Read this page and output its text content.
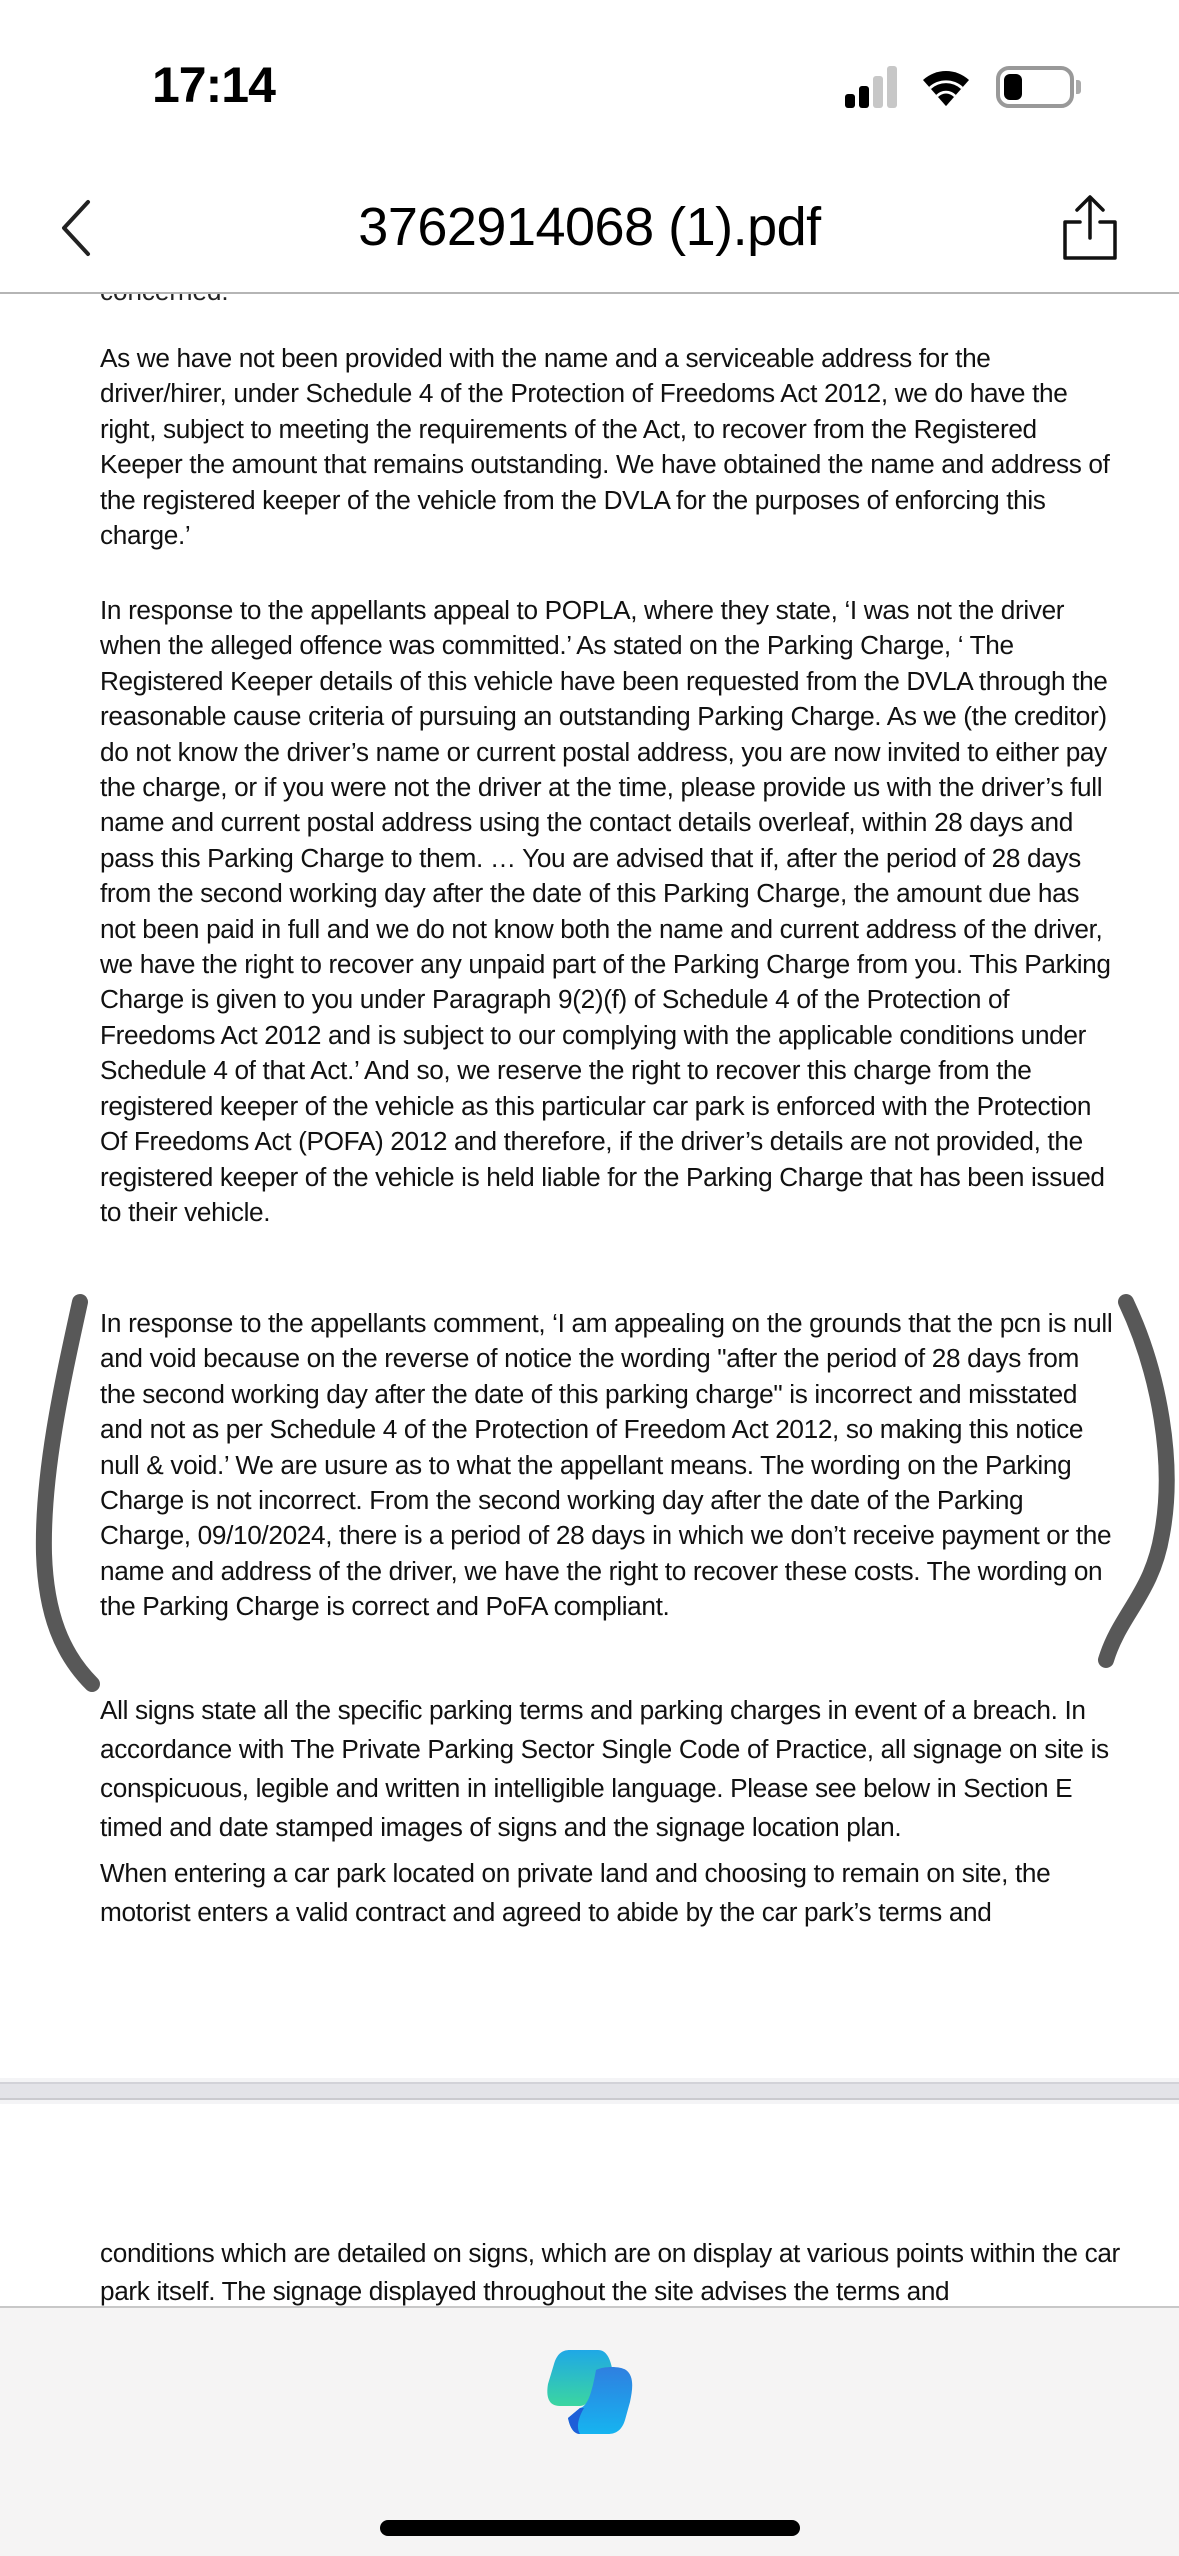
17:14
3762914068 (1).pdf

As we have not been provided with the name and a serviceable address for the driver/hirer, under Schedule 4 of the Protection of Freedoms Act 2012, we do have the right, subject to meeting the requirements of the Act, to recover from the Registered Keeper the amount that remains outstanding. We have obtained the name and address of the registered keeper of the vehicle from the DVLA for the purposes of enforcing this charge.’

In response to the appellants appeal to POPLA, where they state, ‘I was not the driver when the alleged offence was committed.’ As stated on the Parking Charge, ‘ The Registered Keeper details of this vehicle have been requested from the DVLA through the reasonable cause criteria of pursuing an outstanding Parking Charge. As we (the creditor) do not know the driver’s name or current postal address, you are now invited to either pay the charge, or if you were not the driver at the time, please provide us with the driver’s full name and current postal address using the contact details overleaf, within 28 days and pass this Parking Charge to them. … You are advised that if, after the period of 28 days from the second working day after the date of this Parking Charge, the amount due has not been paid in full and we do not know both the name and current address of the driver, we have the right to recover any unpaid part of the Parking Charge from you. This Parking Charge is given to you under Paragraph 9(2)(f) of Schedule 4 of the Protection of Freedoms Act 2012 and is subject to our complying with the applicable conditions under Schedule 4 of that Act.’ And so, we reserve the right to recover this charge from the registered keeper of the vehicle as this particular car park is enforced with the Protection Of Freedoms Act (POFA) 2012 and therefore, if the driver’s details are not provided, the registered keeper of the vehicle is held liable for the Parking Charge that has been issued to their vehicle.

In response to the appellants comment, ‘I am appealing on the grounds that the pcn is null and void because on the reverse of notice the wording "after the period of 28 days from the second working day after the date of this parking charge" is incorrect and misstated and not as per Schedule 4 of the Protection of Freedom Act 2012, so making this notice null & void.’ We are usure as to what the appellant means. The wording on the Parking Charge is not incorrect. From the second working day after the date of the Parking Charge, 09/10/2024, there is a period of 28 days in which we don’t receive payment or the name and address of the driver, we have the right to recover these costs. The wording on the Parking Charge is correct and PoFA compliant.

All signs state all the specific parking terms and parking charges in event of a breach. In accordance with The Private Parking Sector Single Code of Practice, all signage on site is conspicuous, legible and written in intelligible language. Please see below in Section E timed and date stamped images of signs and the signage location plan.

When entering a car park located on private land and choosing to remain on site, the motorist enters a valid contract and agreed to abide by the car park’s terms and

conditions which are detailed on signs, which are on display at various points within the car park itself. The signage displayed throughout the site advises the terms and
